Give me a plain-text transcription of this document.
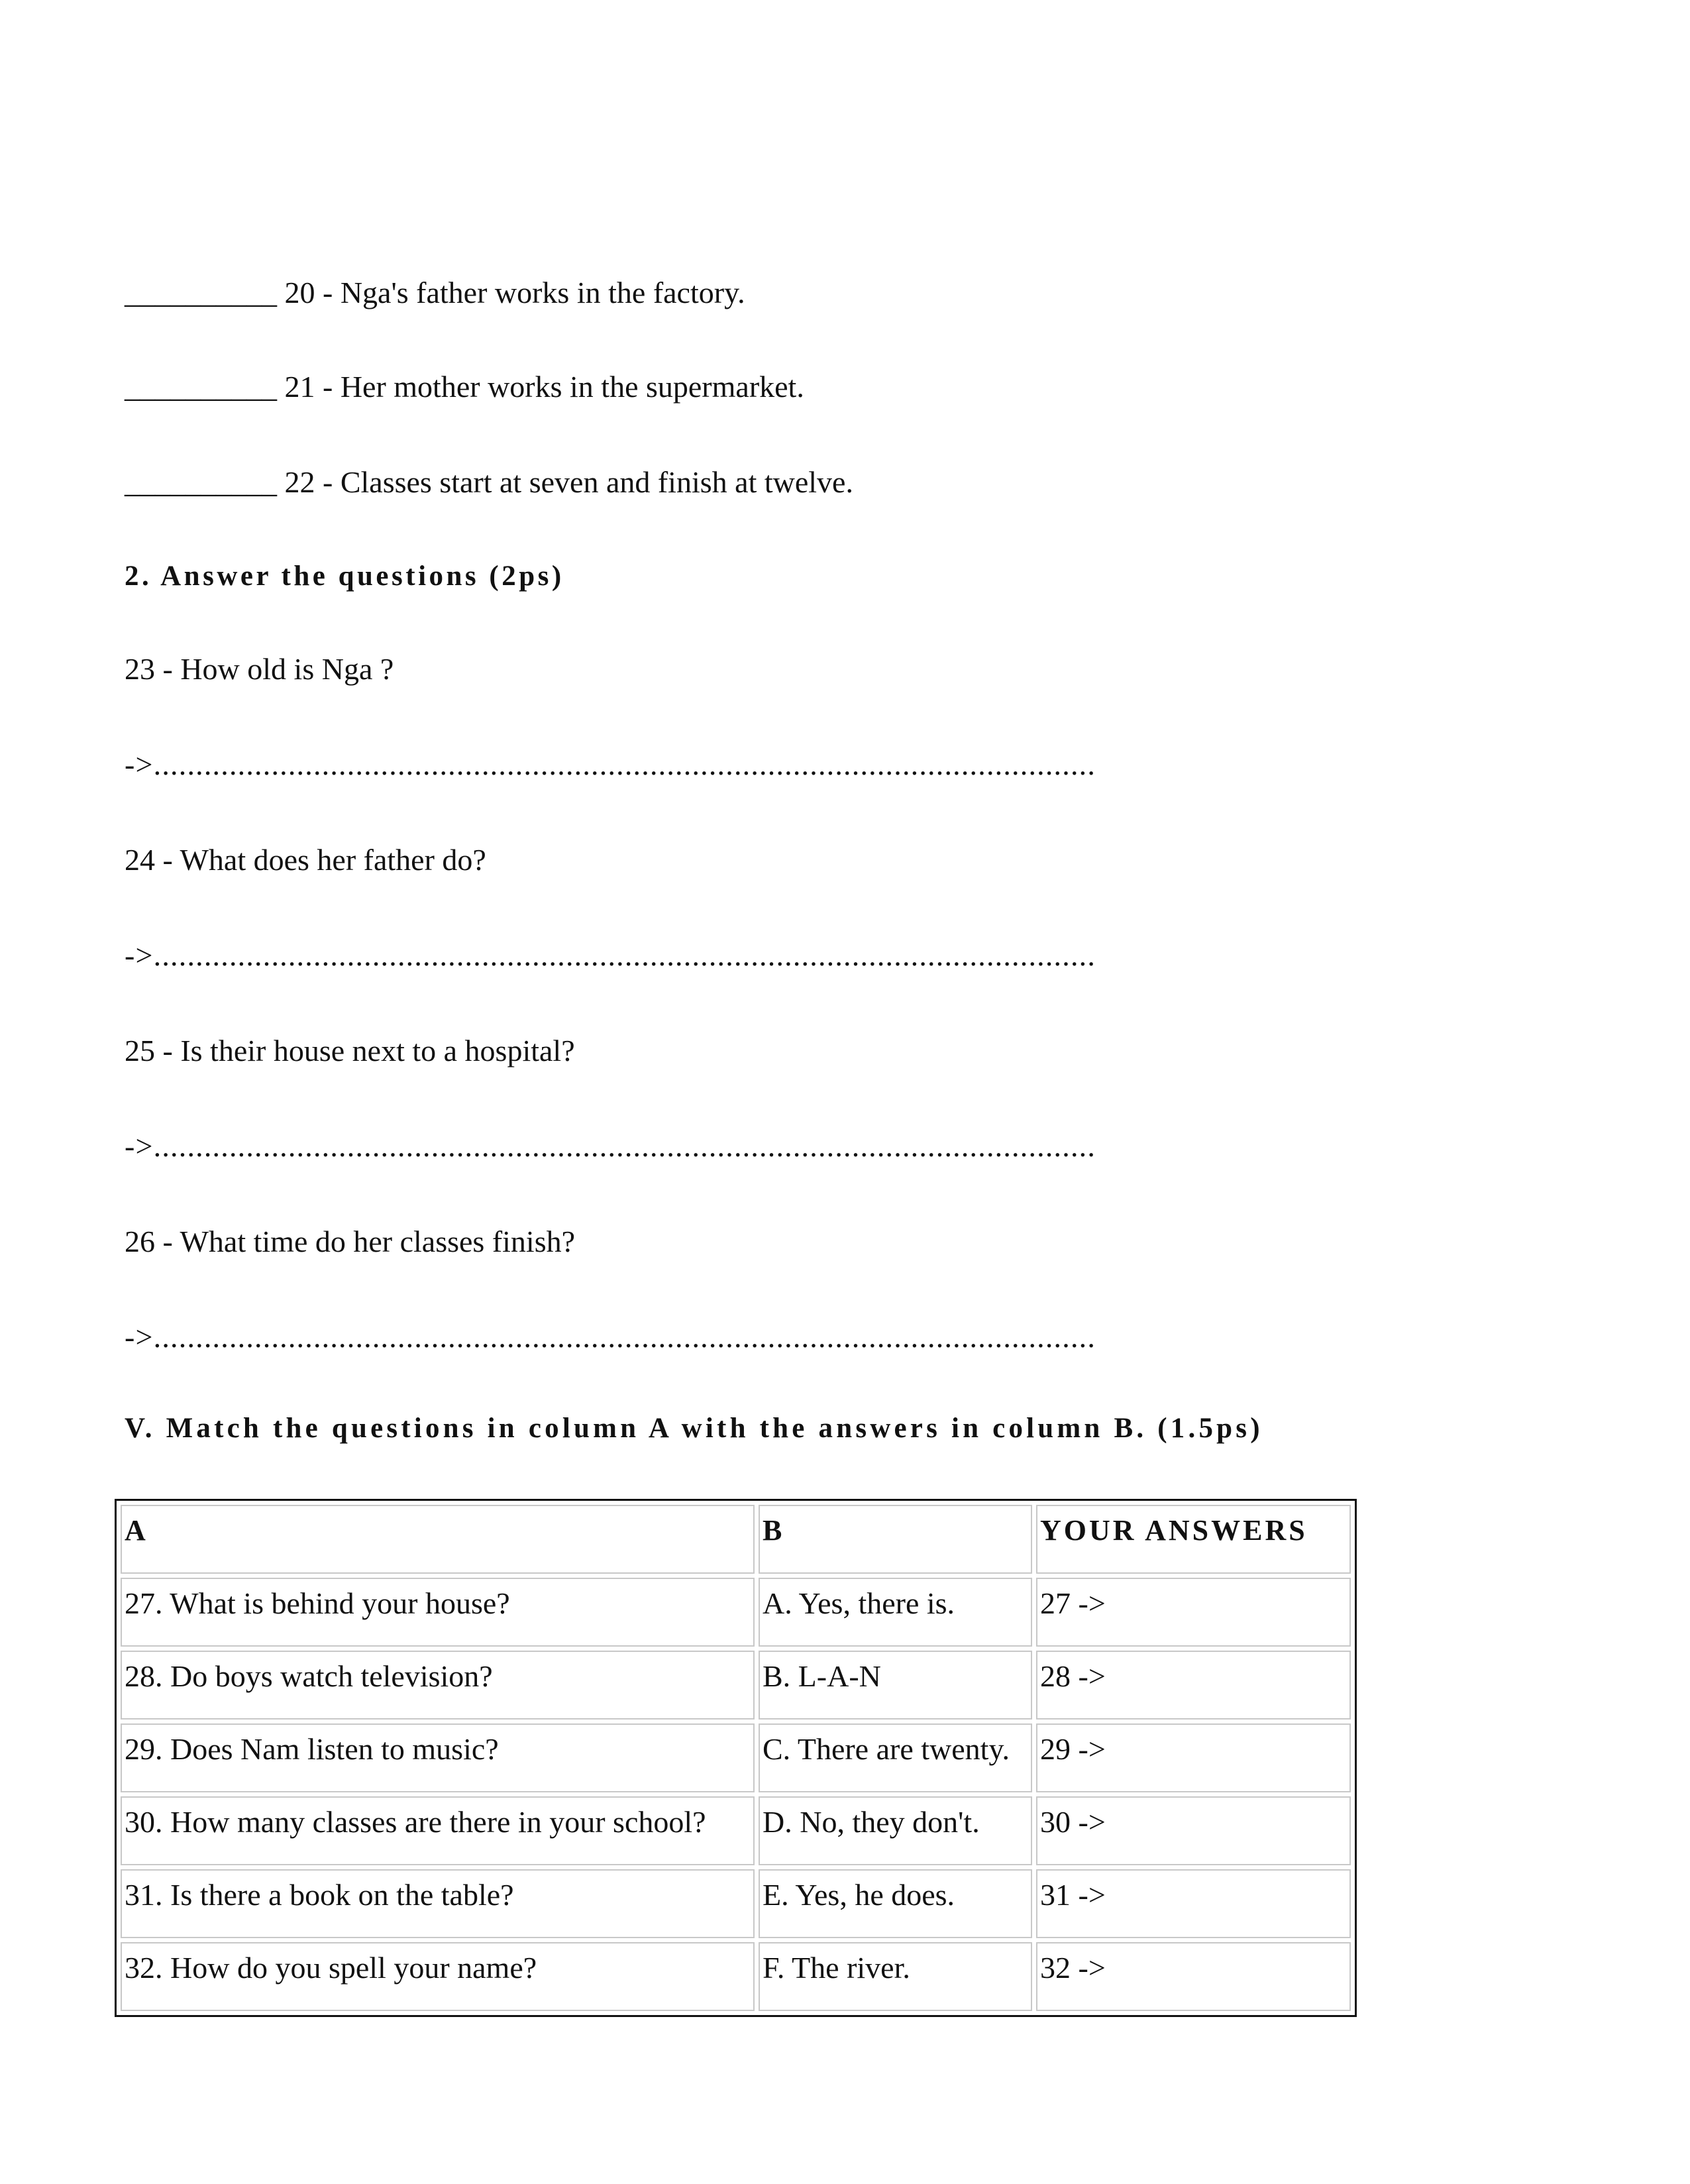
__________ 20 - Nga's father works in the factory.
__________ 21 - Her mother works in the supermarket.
__________ 22 - Classes start at seven and finish at twelve.
2. Answer the questions (2ps)
23 - How old is Nga ?
->................................................................................................................
24 - What does her father do?
->................................................................................................................
25 - Is their house next to a hospital?
->................................................................................................................
26 - What time do her classes finish?
->................................................................................................................
V. Match the questions in column A with the answers in column B. (1.5ps)
A	B	YOUR ANSWERS
27. What is behind your house?	A. Yes, there is.	27 ->
28. Do boys watch television?	B. L-A-N	28 ->
29. Does Nam listen to music?	C. There are twenty.	29 ->
30. How many classes are there in your school?	D. No, they don't.	30 ->
31. Is there a book on the table?	E. Yes, he does.	31 ->
32. How do you spell your name?	F. The river.	32 ->
